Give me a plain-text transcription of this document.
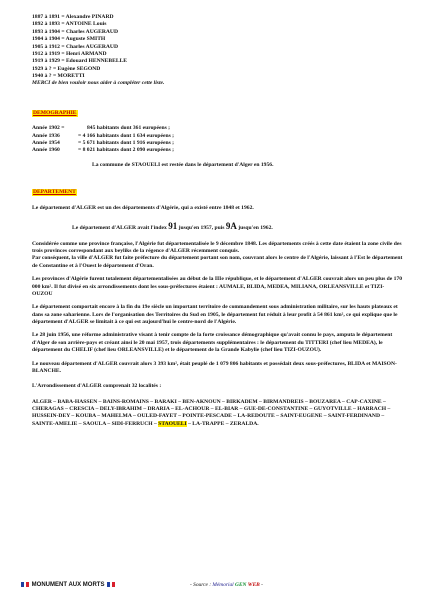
1887 à 1891 = Alexandre PINARD
1892 à 1893 = ANTOINE Louis
1893 à 1904 = Charles AUGERAUD
1904 à 1904 = Auguste SMITH
1905 à 1912 = Charles AUGERAUD
1912 à 1919 = Henri ARMAND
1919 à 1929 = Edouard HENNEBELLE
1929 à ? = Eugène SEGOND
1940 à ? = MORETTI

MERCI de bien vouloir nous aider à compléter cette liste.

DEMOGRAPHIE
Année 1902 =	845 habitants dont 361 européens ;
Année 1936	= 4 166 habitants dont 1 634 européens ;
Année 1954	= 5 671 habitants dont 1 916 européens ;
Année 1960	= 8 021 habitants dont 2 090 européens ;

La commune de STAOUELI est restée dans le département d'Alger en 1956.

DEPARTEMENT

Le département d'ALGER est un des départements d'Algérie, qui a existé entre 1848 et 1962.

Le département d'ALGER avait l'index 91 jusqu'en 1957, puis 9A jusqu'en 1962.

Considérée comme une province française, l'Algérie fut départementalisée le 9 décembre 1848. Les départements créés à cette date étaient la zone civile des trois provinces correspondant aux beyliks de la régence d'ALGER récemment conquis.

Par conséquent, la ville d'ALGER fut faite préfecture du département portant son nom, couvrant alors le centre de l'Algérie, laissant à l'Est le département de Constantine et à l'Ouest le département d'Oran.

Les provinces d'Algérie furent totalement départementalisées au début de la IIIe république, et le département d'ALGER couvrait alors un peu plus de 170 000 km². Il fut divisé en six arrondissements dont les sous-préfectures étaient : AUMALE, BLIDA, MEDEA, MILIANA, ORLEANSVILLE et TIZI-OUZOU

Le département comportait encore à la fin du 19e siècle un important territoire de commandement sous administration militaire, sur les hauts plateaux et dans sa zone saharienne. Lors de l'organisation des Territoires du Sud en 1905, le département fut réduit à leur profit à 54 861 km², ce qui explique que le département d'ALGER se limitait à ce qui est aujourd'hui le centre-nord de l'Algérie.

Le 28 juin 1956, une réforme administrative visant à tenir compte de la forte croissance démographique qu'avait connu le pays, amputa le département d'Alger de son arrière-pays et créant ainsi le 20 mai 1957, trois départements supplémentaires : le département du TITTERI (chef lieu MEDEA), le département du CHELIF (chef lieu ORLEANSVILLE) et le département de la Grande Kabylie (chef lieu TIZI-OUZOU).

Le nouveau département d'ALGER couvrait alors 3 393 km², était peuplé de 1 079 806 habitants et possédait deux sous-préfectures, BLIDA et MAISON-BLANCHE.

L'Arrondissement d'ALGER comprenait 32 localités :

ALGER – BABA-HASSEN – BAINS-ROMAINS – BARAKI – BEN-AKNOUN – BIRKADEM – BIRMANDREIS – BOUZAREA – CAP-CAXINE – CHERAGAS – CRESCIA – DELY-IBRAHIM – DRARIA – EL-ACHOUR – EL-BIAR – GUE-DE-CONSTANTINE – GUYOTVILLE – HARRACH – HUSSEIN-DEY – KOUBA – MAHELMA – OULED-FAYET – POINTE-PESCADE – LA-REDOUTE – SAINT-EUGENE – SAINT-FERDINAND – SAINTE-AMELIE – SAOULA – SIDI-FERRUCH – STAOUELI – LA-TRAPPE – ZERALDA.

MONUMENT AUX MORTS	- Source : Mémorial GEN WEB -
